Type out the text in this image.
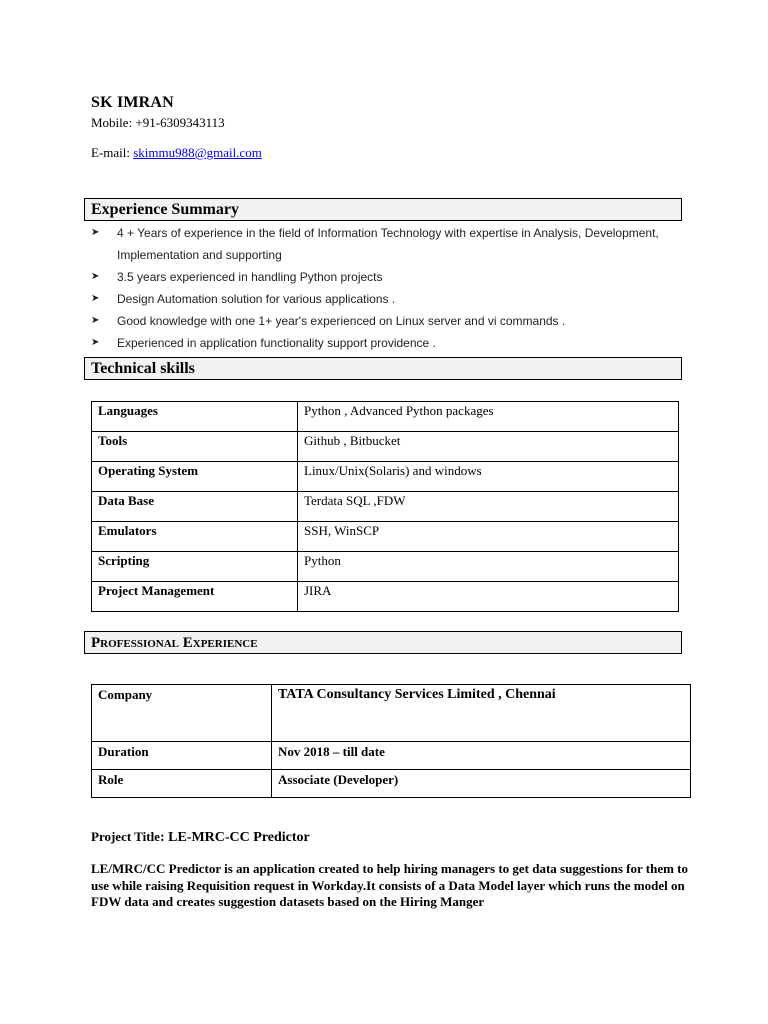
SK IMRAN
Mobile: +91-6309343113
E-mail: skimmu988@gmail.com
Experience Summary
➤ 4 + Years of experience in the field of Information Technology with expertise in Analysis, Development, Implementation and supporting
➤ 3.5 years experienced in handling Python projects
➤ Design Automation solution for various applications .
➤ Good knowledge with one 1+ year's experienced on Linux server and vi commands .
➤ Experienced in application functionality support providence .
Technical skills
Languages	Python , Advanced Python packages
Tools	Github , Bitbucket
Operating System	Linux/Unix(Solaris) and windows
Data Base	Terdata SQL ,FDW
Emulators	SSH, WinSCP
Scripting	Python
Project Management	JIRA
Professional Experience
Company	TATA Consultancy Services Limited , Chennai
Duration	Nov 2018 – till date
Role	Associate (Developer)
Project Title: LE-MRC-CC Predictor
LE/MRC/CC Predictor is an application created to help hiring managers to get data suggestions for them to use while raising Requisition request in Workday.It consists of a Data Model layer which runs the model on FDW data and creates suggestion datasets based on the Hiring Manger
